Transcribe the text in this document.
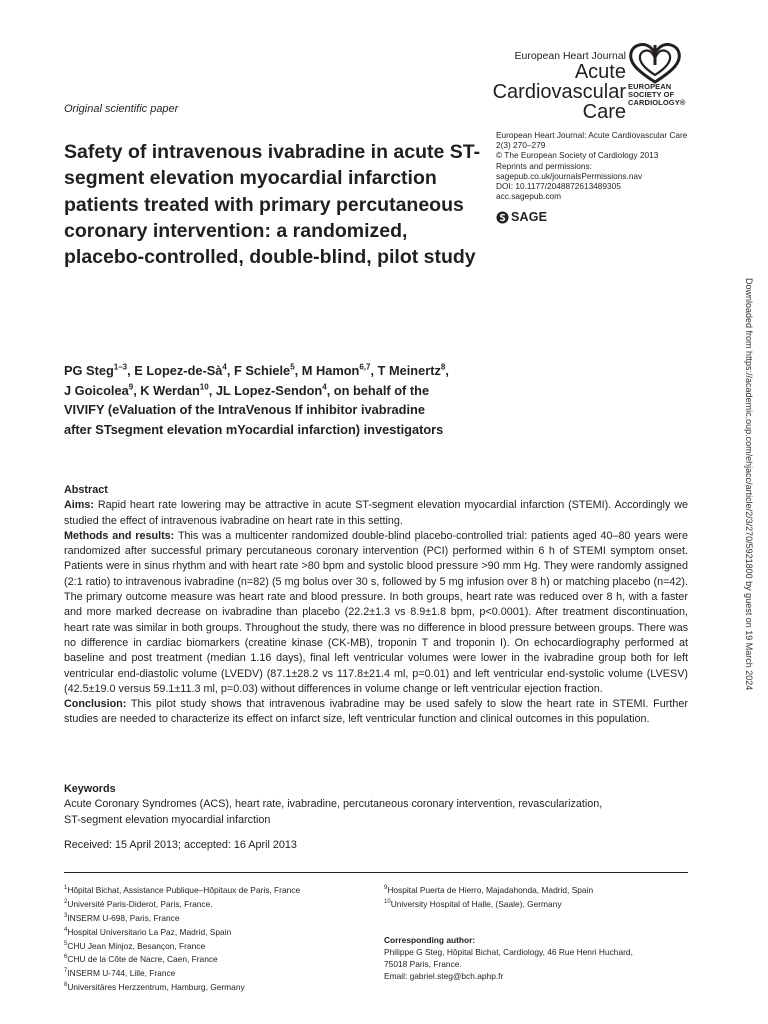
European Heart Journal
Acute
Cardiovascular
Care
EUROPEAN
SOCIETY OF
CARDIOLOGY®
Original scientific paper
Safety of intravenous ivabradine in acute ST-segment elevation myocardial infarction patients treated with primary percutaneous coronary intervention: a randomized, placebo-controlled, double-blind, pilot study
European Heart Journal: Acute Cardiovascular Care
2(3) 270–279
© The European Society of Cardiology 2013
Reprints and permissions:
sagepub.co.uk/journalsPermissions.nav
DOI: 10.1177/2048872613489305
acc.sagepub.com
SAGE
PG Steg$^{1-3}$, E Lopez-$de-Sà^4$, F Schiele$^5$, M Hamon$^{6,7}$, T Meinertz$^8$,
J Goicolea$^9$, K Werdan$^{10}$, JL Lopez-Sendon$^4$, on behalf of the
VIVIFY (eValuation of the IntraVenous If inhibitor ivabradine
after STsegment elevation mYocardial infarction) investigators	Downloaded from https://academic.oup.com/ehjacc/article/2/3/270/5921800 by guest on 19 March 2024

Abstract

Aims: Rapid heart rate lowering may be attractive in acute ST-segment elevation myocardial infarction (STEMI). Accordingly we studied the effect of intravenous ivabradine on heart rate in this setting.

Methods and results: This was a multicenter randomized double-blind placebo-controlled trial: patients aged 40–80 years were randomized after successful primary percutaneous coronary intervention (PCI) performed within 6 h of STEMI symptom onset. Patients were in sinus rhythm and with heart rate >80 bpm and systolic blood pressure >90 mm Hg. They were randomly assigned (2:1 ratio) to intravenous ivabradine (n=82) (5 mg bolus over 30 s, followed by 5 mg infusion over 8 h) or matching placebo (n=42). The primary outcome measure was heart rate and blood pressure. In both groups, heart rate was reduced over 8 h, with a faster and more marked decrease on ivabradine than placebo (22.2±1.3 vs 8.9±1.8 bpm, p<0.0001). After treatment discontinuation, heart rate was similar in both groups. Throughout the study, there was no difference in blood pressure between groups. There was no difference in cardiac biomarkers (creatine kinase (CK-MB), troponin T and troponin I). On echocardiography performed at baseline and post treatment (median 1.16 days), final left ventricular volumes were lower in the ivabradine group both for left ventricular end-diastolic volume (LVEDV) (87.1±28.2 vs 117.8±21.4 ml, p=0.01) and left ventricular end-systolic volume (LVESV) (42.5±19.0 versus 59.1±11.3 ml, p=0.03) without differences in volume change or left ventricular ejection fraction.

Conclusion: This pilot study shows that intravenous ivabradine may be used safely to slow the heart rate in STEMI. Further studies are needed to characterize its effect on infarct size, left ventricular function and clinical outcomes in this population.

Keywords
Acute Coronary Syndromes (ACS), heart rate, ivabradine, percutaneous coronary intervention, revascularization,
ST-segment elevation myocardial infarction
Received: 15 April 2013; accepted: 16 April 2013
$^1$Hôpital Bichat, Assistance Publique–Hôpitaux de Paris, France
$^2$Université Paris-Diderot, Paris, France.
$^3$INSERM U-698, Paris, France
$^4$Hospital Universitario La Paz, Madrid, Spain
$^5$CHU Jean Minjoz, Besançon, France
$^6$CHU de la Côte de Nacre, Caen, France
$^7$INSERM U-744, Lille, France
$^8$Universitäres Herzzentrum, Hamburg, Germany
$^9$Hospital Puerta de Hierro, Majadahonda, Madrid, Spain
$^{10}$University Hospital of Halle, (Saale), Germany
Corresponding author:
Philippe G Steg, Hôpital Bichat, Cardiology, 46 Rue Henri Huchard,
75018 Paris, France.
Email: gabriel.steg@bch.aphp.fr
